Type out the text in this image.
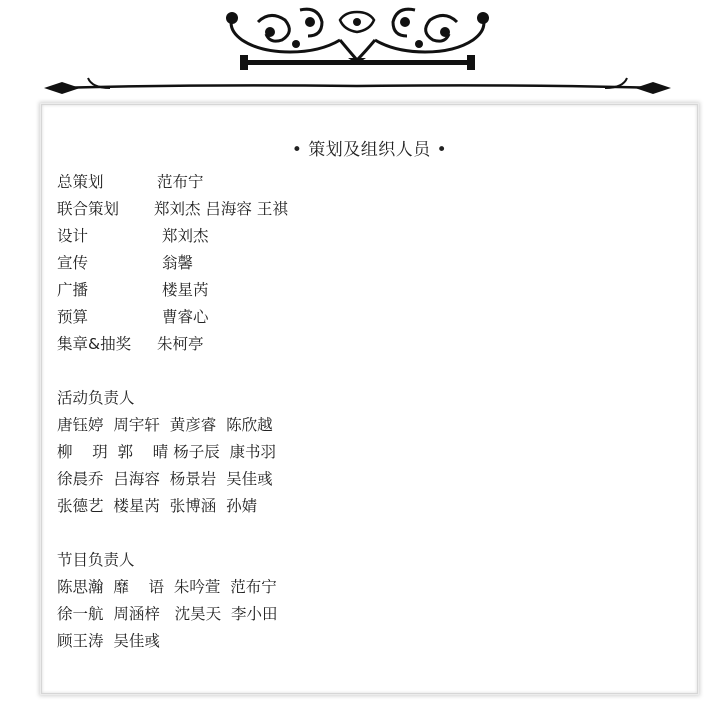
• 策划及组织人员 •
总策划	范布宁
联合策划 郑刘杰 吕海容 王祺
设计	郑刘杰
宣传	翁馨
广播	楼星芮
预算	曹睿心
集章&抽奖 朱柯亭
活动负责人
唐钰婷  周宇轩  黄彦睿  陈欣越
柳    玥  郭    晴 杨子辰  康书羽
徐晨乔  吕海容  杨景岩  吴佳彧
张德艺  楼星芮  张博涵  孙婧
节目负责人
陈思瀚  靡    语  朱吟萱  范布宁
徐一航  周涵梓   沈昊天  李小田
顾王涛  吴佳彧
